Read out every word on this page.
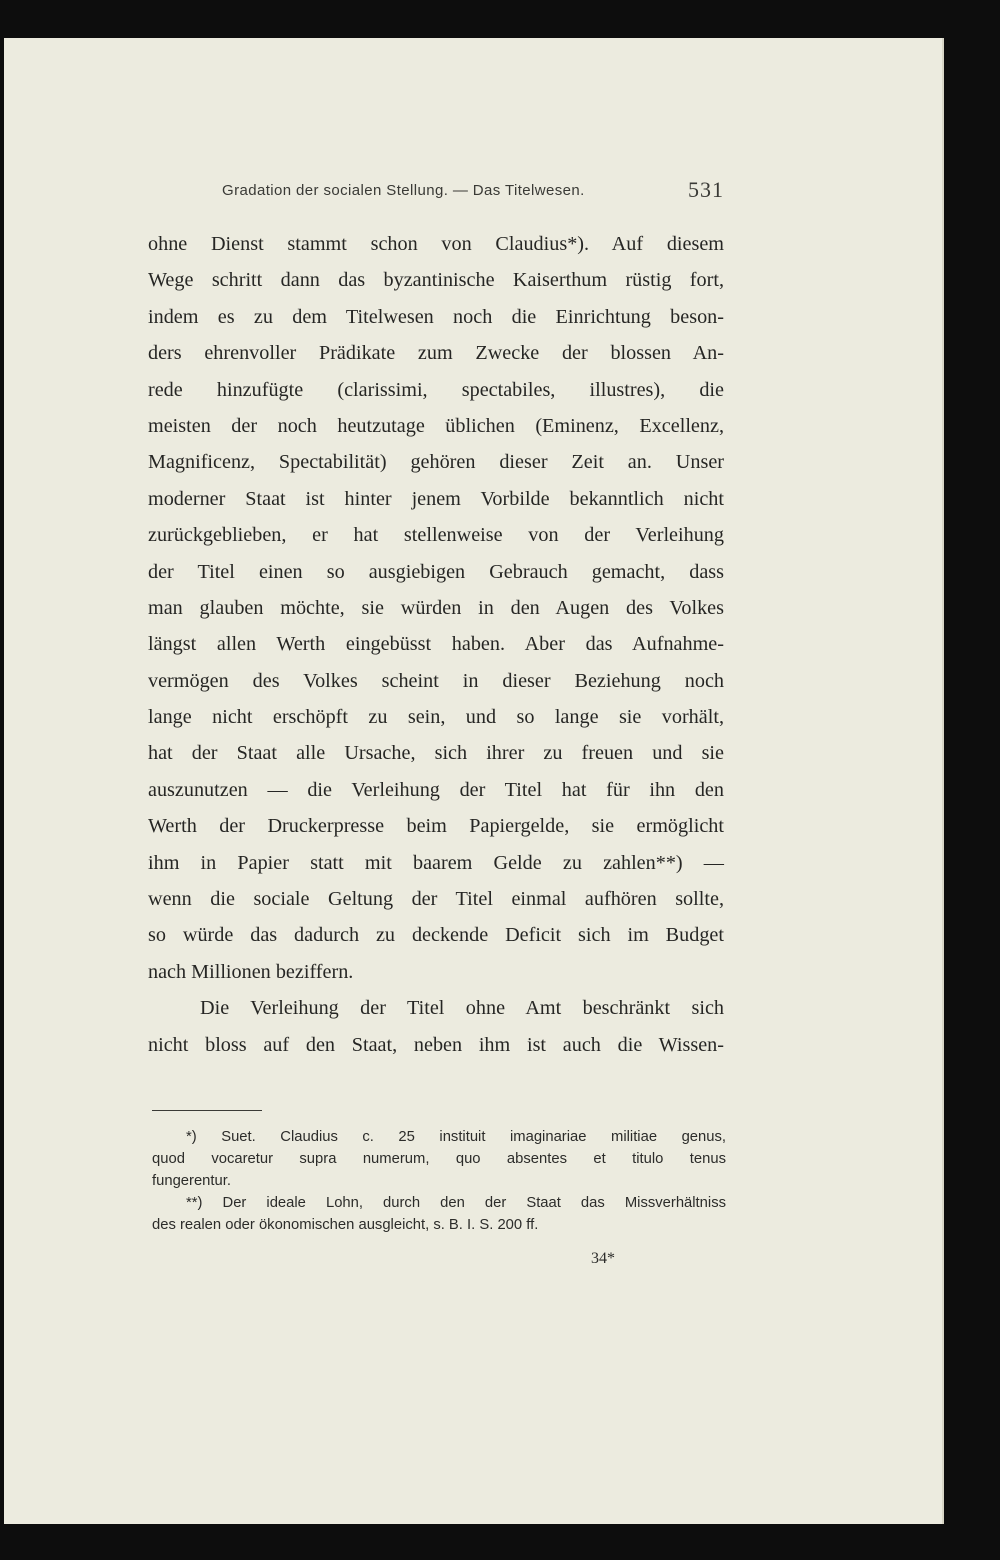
Gradation der socialen Stellung. — Das Titelwesen.	531
ohne Dienst stammt schon von Claudius*). Auf diesem
Wege schritt dann das byzantinische Kaiserthum rüstig fort,
indem es zu dem Titelwesen noch die Einrichtung beson-
ders ehrenvoller Prädikate zum Zwecke der blossen An-
rede hinzufügte (clarissimi, spectabiles, illustres), die
meisten der noch heutzutage üblichen (Eminenz, Excellenz,
Magnificenz, Spectabilität) gehören dieser Zeit an. Unser
moderner Staat ist hinter jenem Vorbilde bekanntlich nicht
zurückgeblieben, er hat stellenweise von der Verleihung
der Titel einen so ausgiebigen Gebrauch gemacht, dass
man glauben möchte, sie würden in den Augen des Volkes
längst allen Werth eingebüsst haben. Aber das Aufnahme-
vermögen des Volkes scheint in dieser Beziehung noch
lange nicht erschöpft zu sein, und so lange sie vorhält,
hat der Staat alle Ursache, sich ihrer zu freuen und sie
auszunutzen — die Verleihung der Titel hat für ihn den
Werth der Druckerpresse beim Papiergelde, sie ermöglicht
ihm in Papier statt mit baarem Gelde zu zahlen**) —
wenn die sociale Geltung der Titel einmal aufhören sollte,
so würde das dadurch zu deckende Deficit sich im Budget
nach Millionen beziffern.
Die Verleihung der Titel ohne Amt beschränkt sich
nicht bloss auf den Staat, neben ihm ist auch die Wissen-
*) Suet. Claudius c. 25 instituit imaginariae militiae genus,
quod vocaretur supra numerum, quo absentes et titulo tenus
fungerentur.
**) Der ideale Lohn, durch den der Staat das Missverhältniss
des realen oder ökonomischen ausgleicht, s. B. I. S. 200 ff.
34*
